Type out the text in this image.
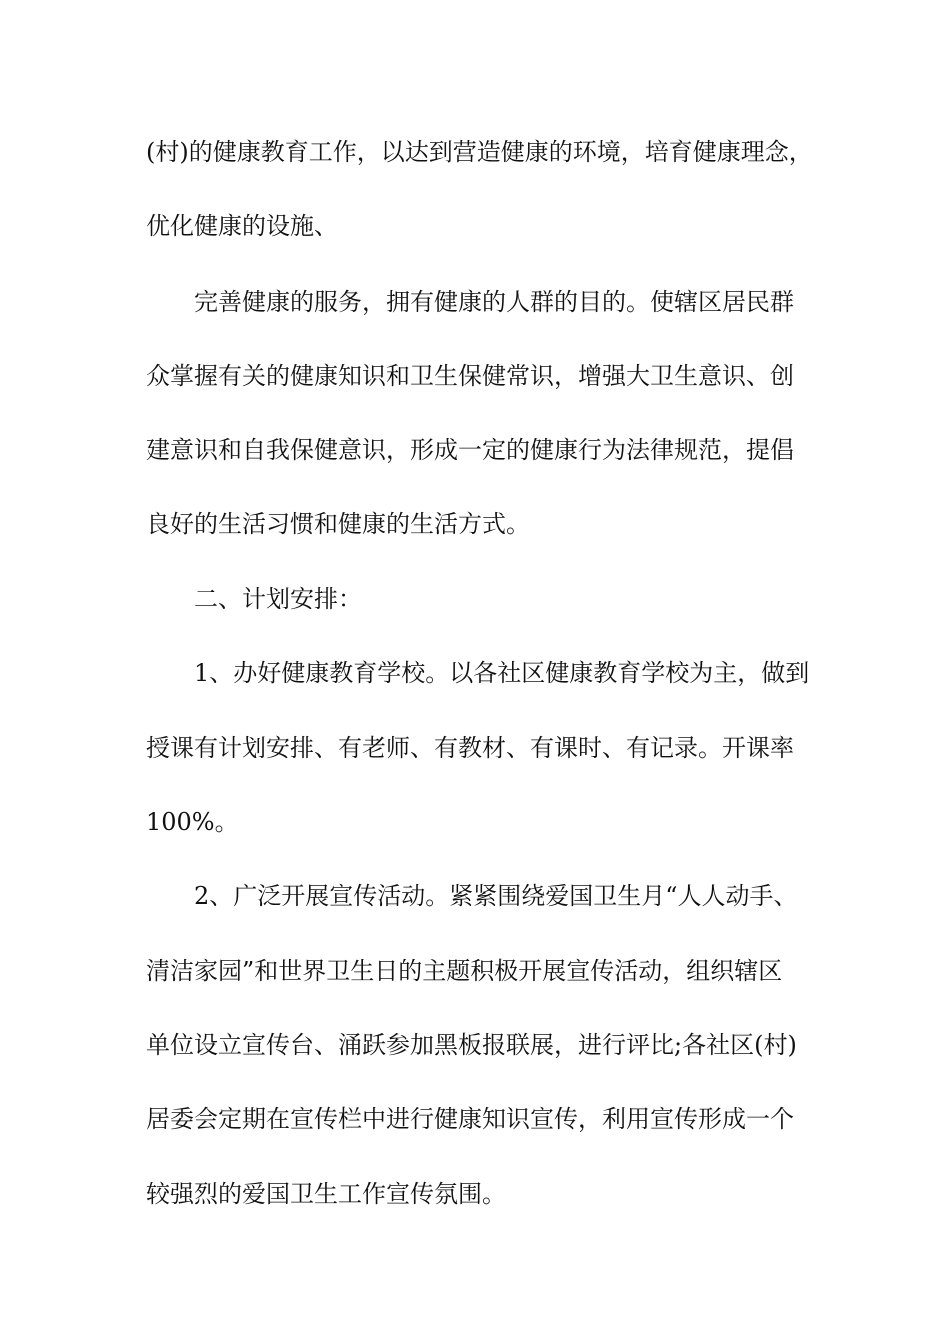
(村)的健康教育工作，以达到营造健康的环境，培育健康理念，
优化健康的设施、
完善健康的服务，拥有健康的人群的目的。使辖区居民群
众掌握有关的健康知识和卫生保健常识，增强大卫生意识、创
建意识和自我保健意识，形成一定的健康行为法律规范，提倡
良好的生活习惯和健康的生活方式。
二、计划安排：
1、办好健康教育学校。以各社区健康教育学校为主，做到
授课有计划安排、有老师、有教材、有课时、有记录。开课率
100%。
2、广泛开展宣传活动。紧紧围绕爱国卫生月“人人动手、
清洁家园”和世界卫生日的主题积极开展宣传活动，组织辖区
单位设立宣传台、涌跃参加黑板报联展，进行评比;各社区(村)
居委会定期在宣传栏中进行健康知识宣传，利用宣传形成一个
较强烈的爱国卫生工作宣传氛围。
